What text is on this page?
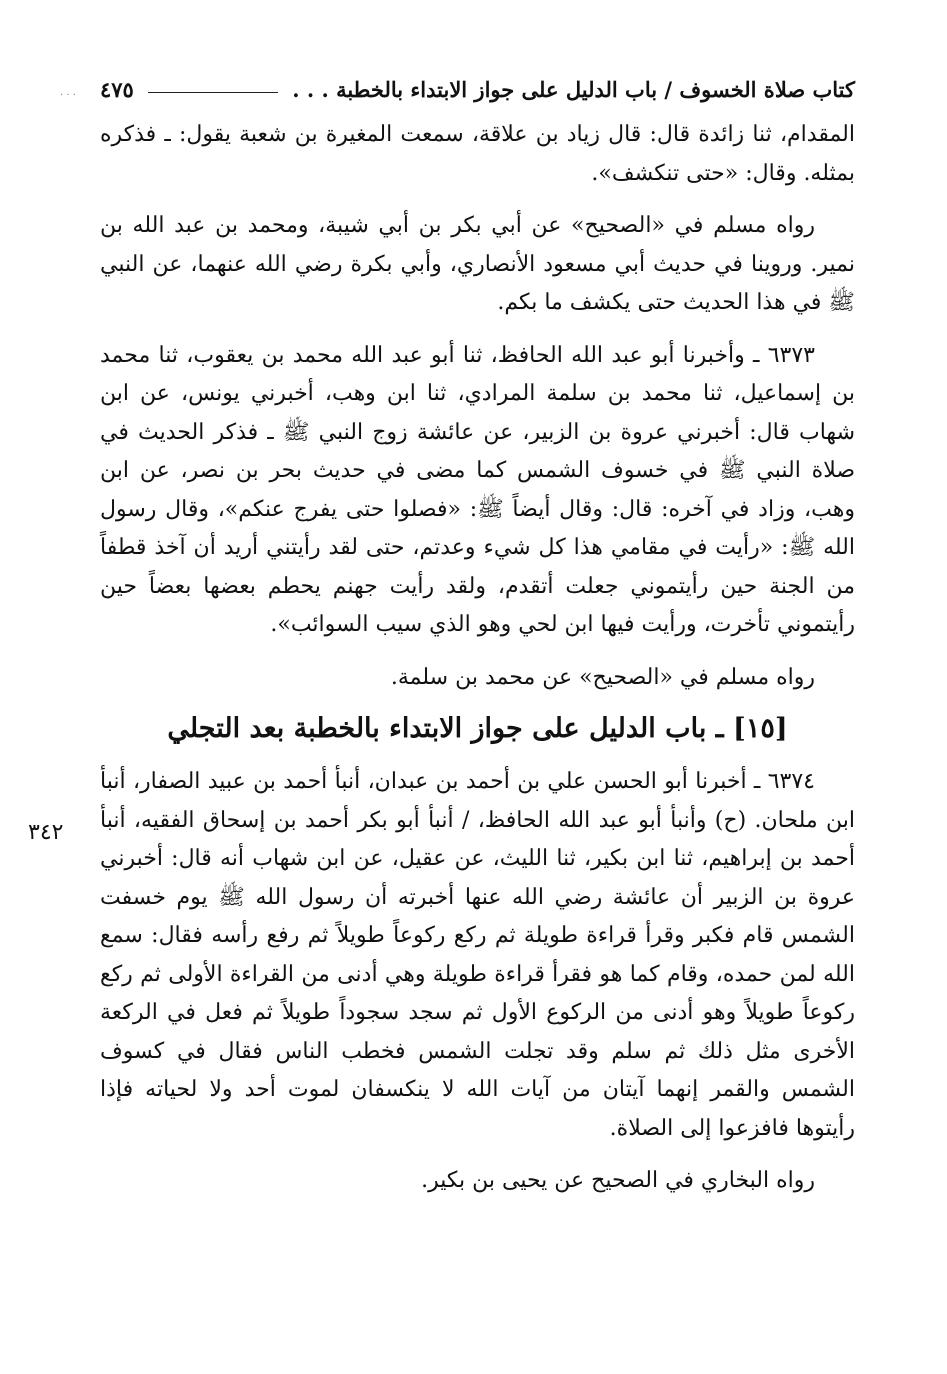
· · ·	كتاب صلاة الخسوف / باب الدليل على جواز الابتداء بالخطبة . . .
٤٧٥

المقدام، ثنا زائدة قال: قال زياد بن علاقة، سمعت المغيرة بن شعبة يقول: ـ فذكره بمثله. وقال: «حتى تنكشف».

رواه مسلم في «الصحيح» عن أبي بكر بن أبي شيبة، ومحمد بن عبد الله بن نمير. وروينا في حديث أبي مسعود الأنصاري، وأبي بكرة رضي الله عنهما، عن النبي ﷺ في هذا الحديث حتى يكشف ما بكم.

٦٣٧٣ ـ وأخبرنا أبو عبد الله الحافظ، ثنا أبو عبد الله محمد بن يعقوب، ثنا محمد بن إسماعيل، ثنا محمد بن سلمة المرادي، ثنا ابن وهب، أخبرني يونس، عن ابن شهاب قال: أخبرني عروة بن الزبير، عن عائشة زوج النبي ﷺ ـ فذكر الحديث في صلاة النبي ﷺ في خسوف الشمس كما مضى في حديث بحر بن نصر، عن ابن وهب، وزاد في آخره: قال: وقال أيضاً ﷺ: «فصلوا حتى يفرج عنكم»، وقال رسول الله ﷺ: «رأيت في مقامي هذا كل شيء وعدتم، حتى لقد رأيتني أريد أن آخذ قطفاً من الجنة حين رأيتموني جعلت أتقدم، ولقد رأيت جهنم يحطم بعضها بعضاً حين رأيتموني تأخرت، ورأيت فيها ابن لحي وهو الذي سيب السوائب».

رواه مسلم في «الصحيح» عن محمد بن سلمة.

[١٥] ـ باب الدليل على جواز الابتداء بالخطبة بعد التجلي

٦٣٧٤ ـ أخبرنا أبو الحسن علي بن أحمد بن عبدان، أنبأ أحمد بن عبيد الصفار، أنبأ ابن ملحان. (ح) وأنبأ أبو عبد الله الحافظ، / أنبأ أبو بكر أحمد بن إسحاق الفقيه، أنبأ أحمد بن إبراهيم، ثنا ابن بكير، ثنا الليث، عن عقيل، عن ابن شهاب أنه قال: أخبرني عروة بن الزبير أن عائشة رضي الله عنها أخبرته أن رسول الله ﷺ يوم خسفت الشمس قام فكبر وقرأ قراءة طويلة ثم ركع ركوعاً طويلاً ثم رفع رأسه فقال: سمع الله لمن حمده، وقام كما هو فقرأ قراءة طويلة وهي أدنى من القراءة الأولى ثم ركع ركوعاً طويلاً وهو أدنى من الركوع الأول ثم سجد سجوداً طويلاً ثم فعل في الركعة الأخرى مثل ذلك ثم سلم وقد تجلت الشمس فخطب الناس فقال في كسوف الشمس والقمر إنهما آيتان من آيات الله لا ينكسفان لموت أحد ولا لحياته فإذا رأيتوها فافزعوا إلى الصلاة.

رواه البخاري في الصحيح عن يحيى بن بكير.

٣٤٢
